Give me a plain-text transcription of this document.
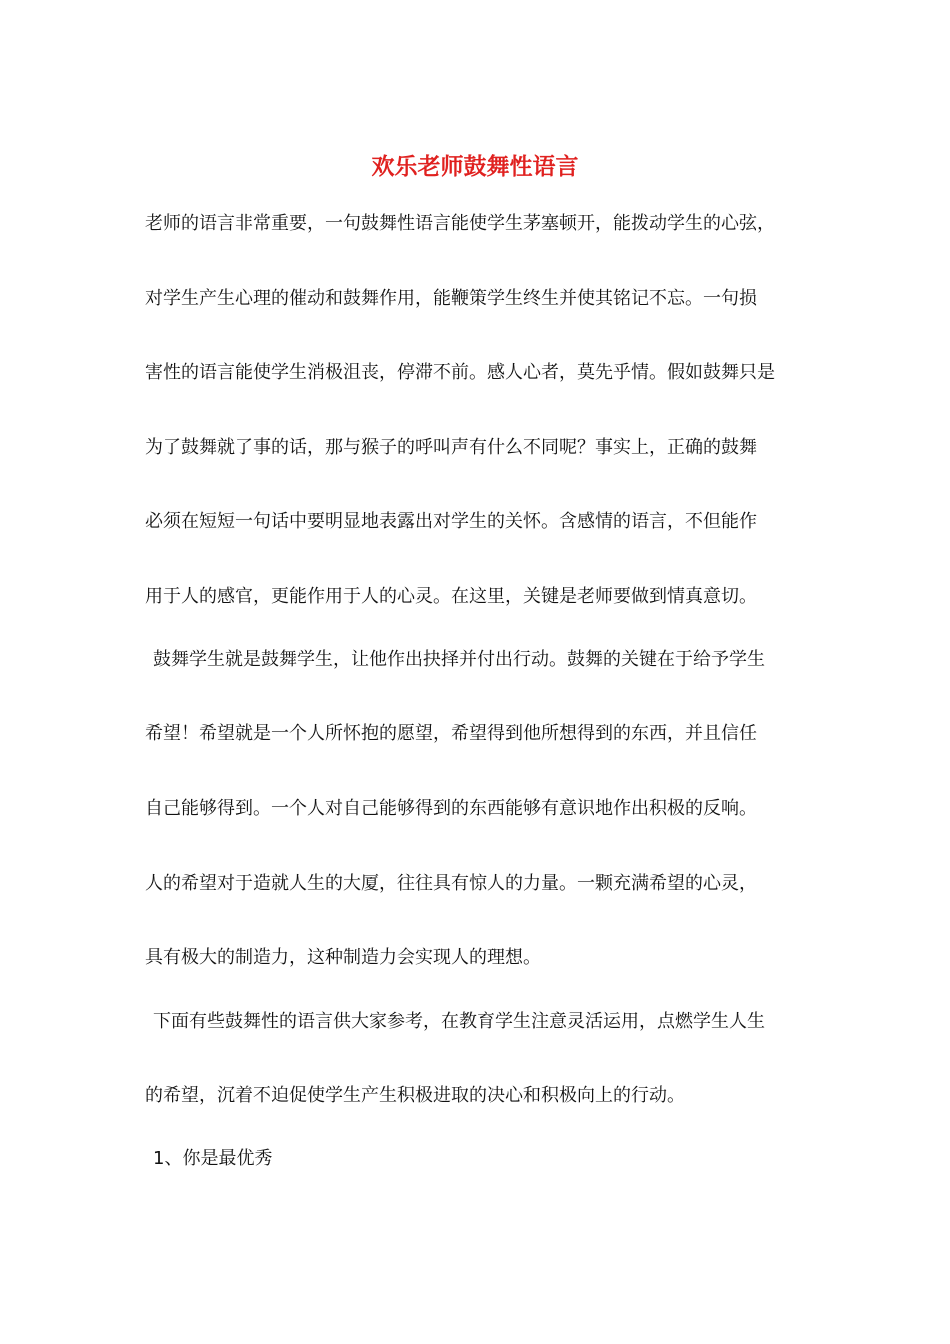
欢乐老师鼓舞性语言

老师的语言非常重要，一句鼓舞性语言能使学生茅塞顿开，能拨动学生的心弦，

对学生产生心理的催动和鼓舞作用，能鞭策学生终生并使其铭记不忘。一句损

害性的语言能使学生消极沮丧，停滞不前。感人心者，莫先乎情。假如鼓舞只是

为了鼓舞就了事的话，那与猴子的呼叫声有什么不同呢？事实上，正确的鼓舞

必须在短短一句话中要明显地表露出对学生的关怀。含感情的语言，不但能作

用于人的感官，更能作用于人的心灵。在这里，关键是老师要做到情真意切。

鼓舞学生就是鼓舞学生，让他作出抉择并付出行动。鼓舞的关键在于给予学生

希望！希望就是一个人所怀抱的愿望，希望得到他所想得到的东西，并且信任

自己能够得到。一个人对自己能够得到的东西能够有意识地作出积极的反响。

人的希望对于造就人生的大厦，往往具有惊人的力量。一颗充满希望的心灵，

具有极大的制造力，这种制造力会实现人的理想。

下面有些鼓舞性的语言供大家参考，在教育学生注意灵活运用，点燃学生人生

的希望，沉着不迫促使学生产生积极进取的决心和积极向上的行动。

1、你是最优秀
